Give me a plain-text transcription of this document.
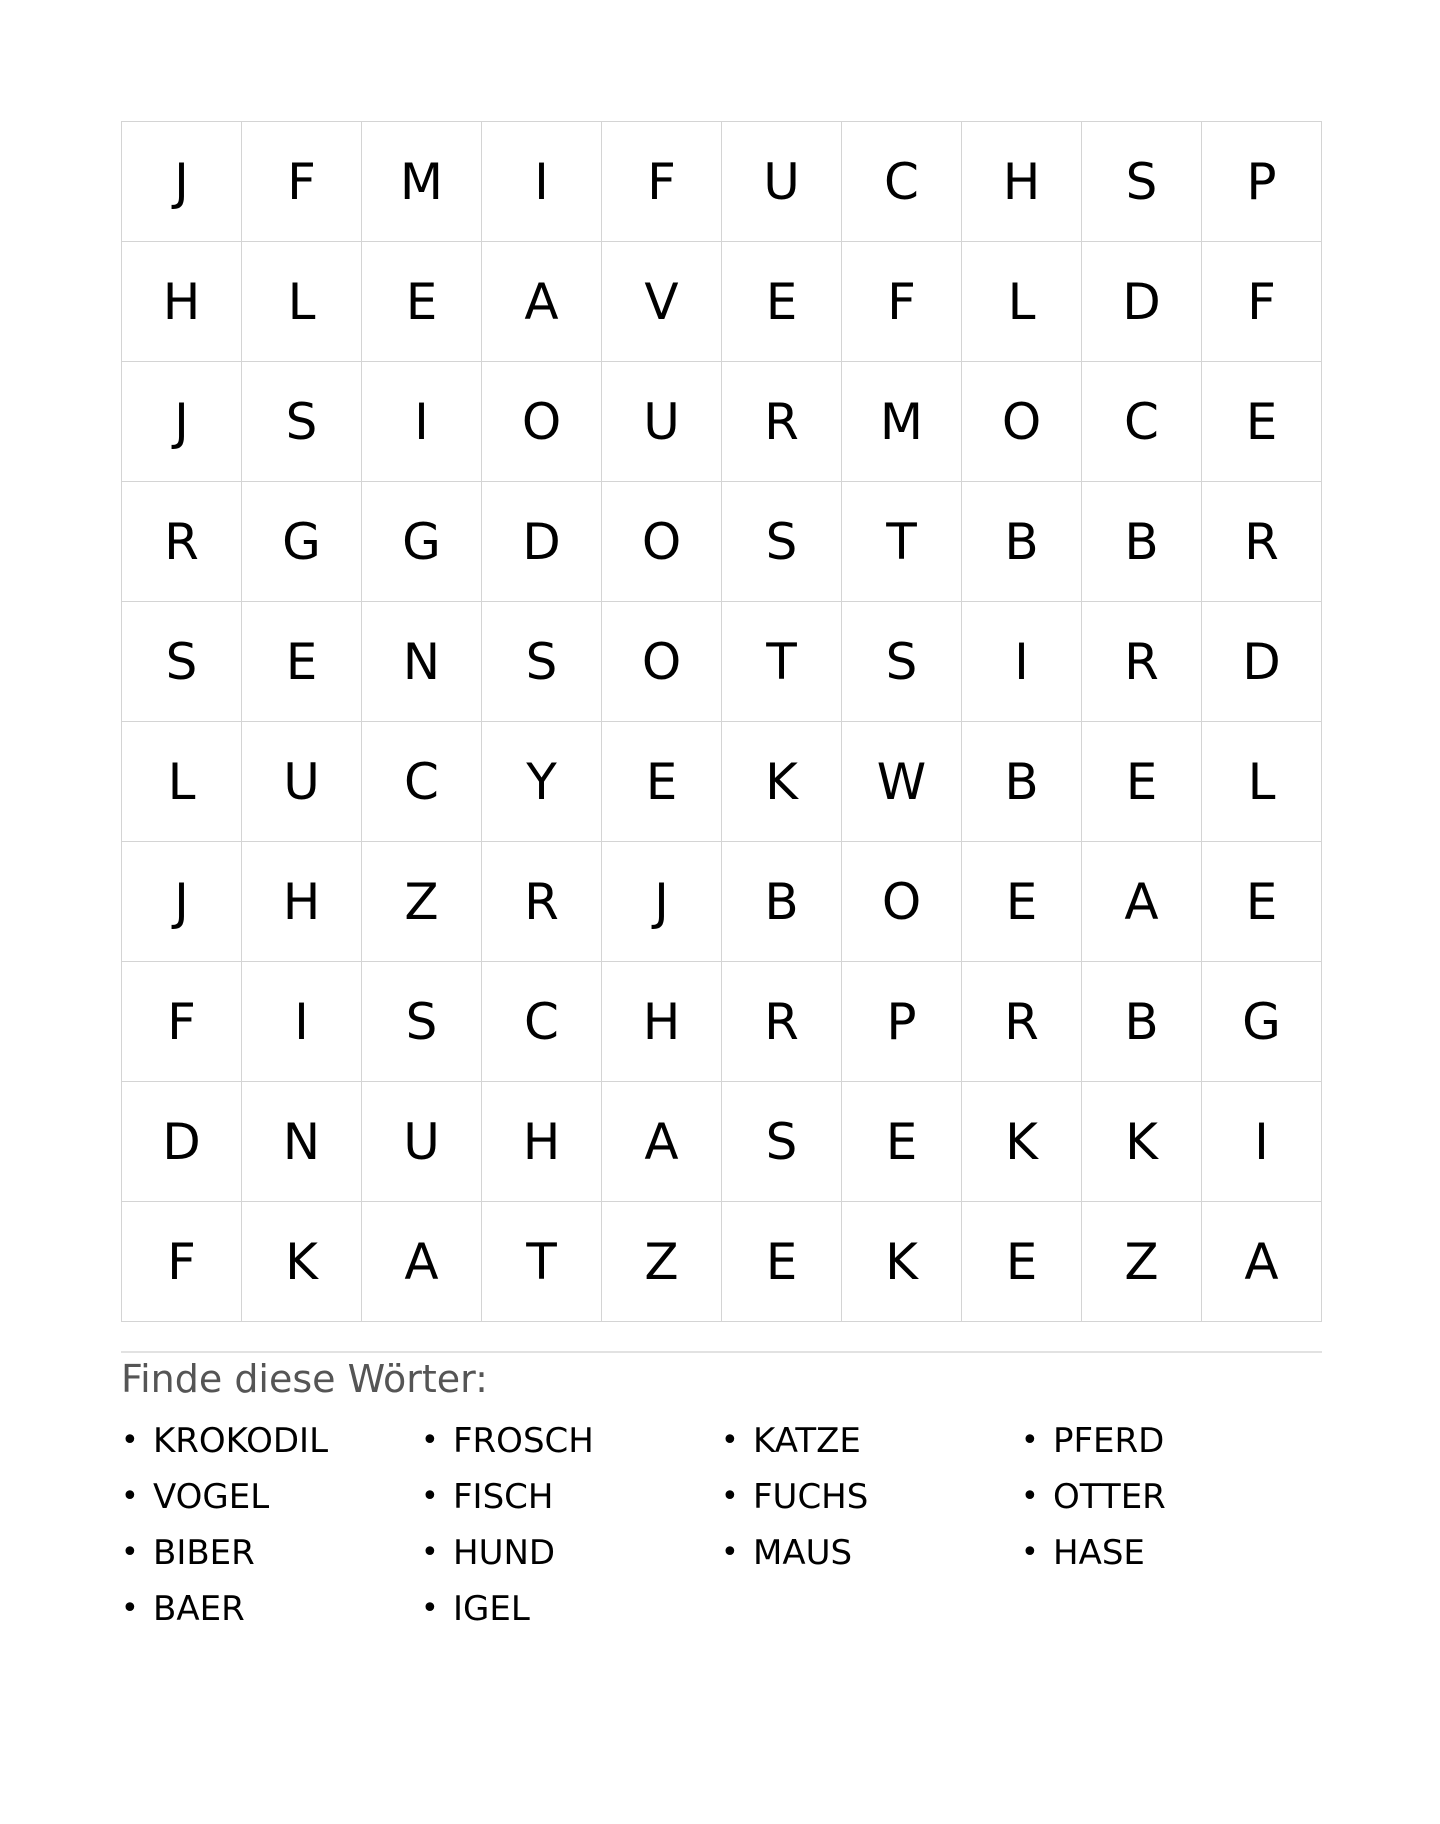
J	F	M	I	F	U	C	H	S	P
H	L	E	A	V	E	F	L	D	F
J	S	I	O	U	R	M	O	C	E
R	G	G	D	O	S	T	B	B	R
S	E	N	S	O	T	S	I	R	D
L	U	C	Y	E	K	W	B	E	L
J	H	Z	R	J	B	O	E	A	E
F	I	S	C	H	R	P	R	B	G
D	N	U	H	A	S	E	K	K	I
F	K	A	T	Z	E	K	E	Z	A
Finde diese Wörter:
• KROKODIL	• FROSCH	• KATZE	• PFERD
• VOGEL	• FISCH	• FUCHS	• OTTER
• BIBER	• HUND	• MAUS	• HASE
• BAER	• IGEL
